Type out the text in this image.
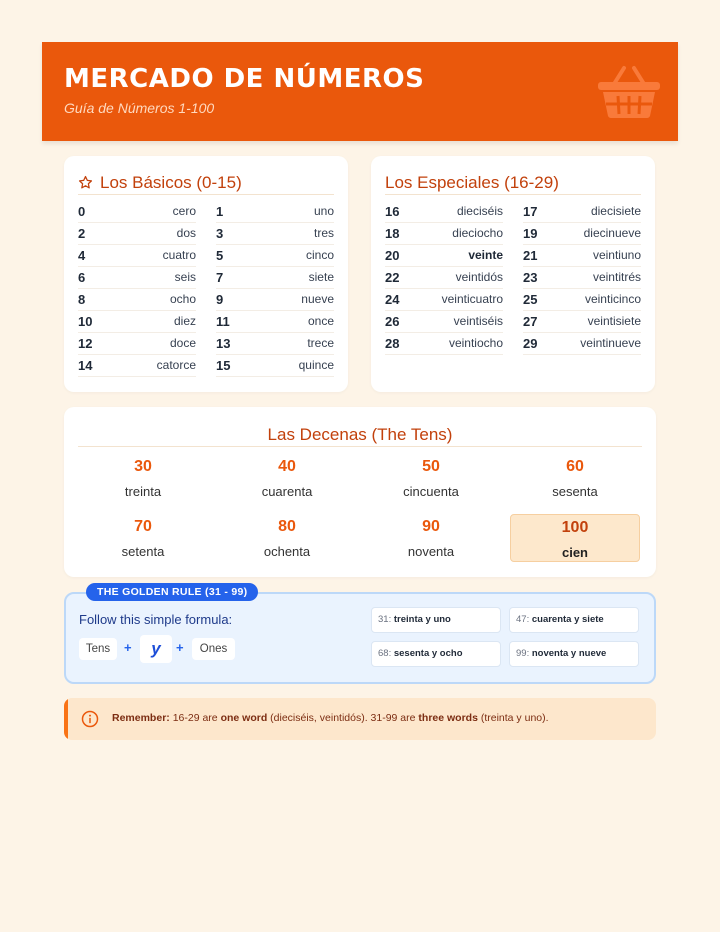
MERCADO DE NÚMEROS
Guía de Números 1-100
Los Básicos (0-15)
0	cero
2	dos
4	cuatro
6	seis
8	ocho
10	diez
12	doce
14	catorce
1	uno
3	tres
5	cinco
7	siete
9	nueve
11	once
13	trece
15	quince
Los Especiales (16-29)
16	dieciséis
18	dieciocho
20	veinte
22	veintidós
24	veinticuatro
26	veintiséis
28	veintiocho
17	diecisiete
19	diecinueve
21	veintiuno
23	veintitrés
25	veinticinco
27	veintisiete
29	veintinueve
Las Decenas (The Tens)
30
treinta
40
cuarenta
50
cincuenta
60
sesenta
70
setenta
80
ochenta
90
noventa
100
cien
THE GOLDEN RULE (31 - 99)
Follow this simple formula:
Tens	+	y	+	Ones
31: treinta y uno	47: cuarenta y siete
68: sesenta y ocho	99: noventa y nueve
Remember: 16-29 are one word (dieciséis, veintidós). 31-99 are three words (treinta y uno).
